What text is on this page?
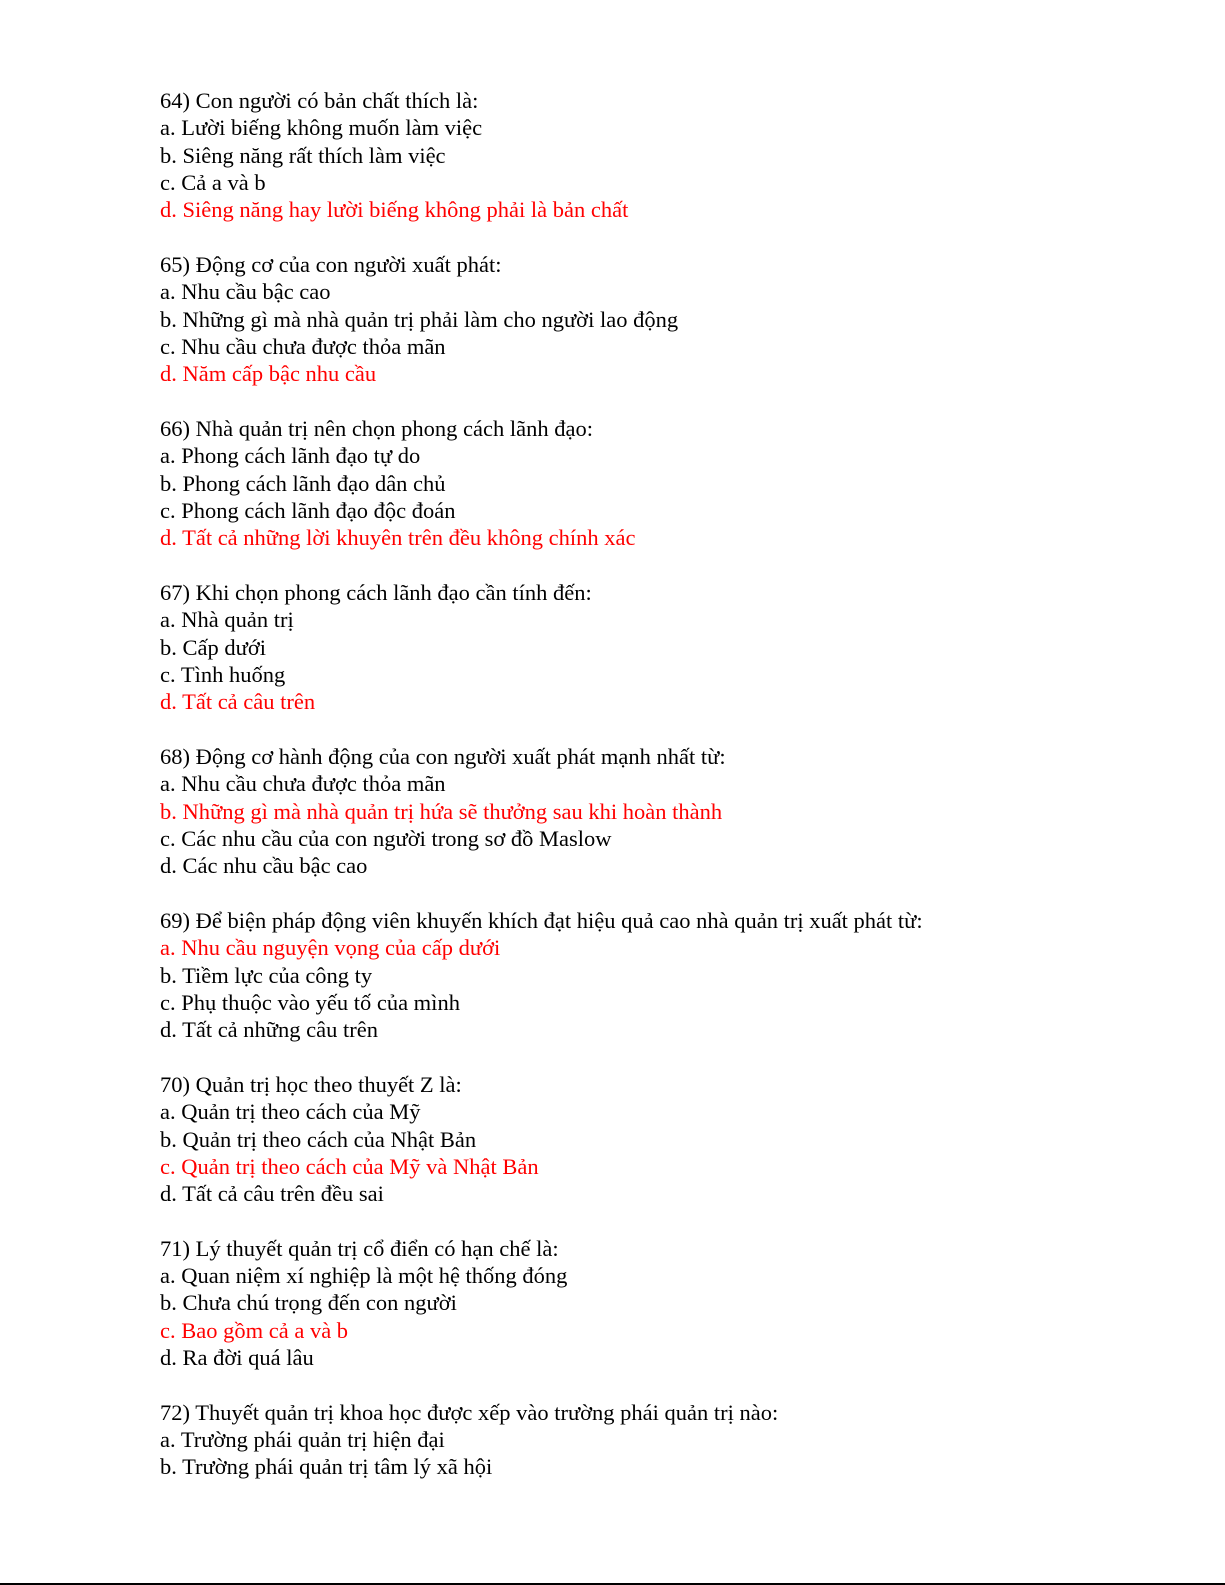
64) Con người có bản chất thích là:
a. Lười biếng không muốn làm việc
b. Siêng năng rất thích làm việc
c. Cả a và b
d. Siêng năng hay lười biếng không phải là bản chất
65) Động cơ của con người xuất phát:
a. Nhu cầu bậc cao
b. Những gì mà nhà quản trị phải làm cho người lao động
c. Nhu cầu chưa được thỏa mãn
d. Năm cấp bậc nhu cầu
66) Nhà quản trị nên chọn phong cách lãnh đạo:
a. Phong cách lãnh đạo tự do
b. Phong cách lãnh đạo dân chủ
c. Phong cách lãnh đạo độc đoán
d. Tất cả những lời khuyên trên đều không chính xác
67) Khi chọn phong cách lãnh đạo cần tính đến:
a. Nhà quản trị
b. Cấp dưới
c. Tình huống
d. Tất cả câu trên
68) Động cơ hành động của con người xuất phát mạnh nhất từ:
a. Nhu cầu chưa được thỏa mãn
b. Những gì mà nhà quản trị hứa sẽ thưởng sau khi hoàn thành
c. Các nhu cầu của con người trong sơ đồ Maslow
d. Các nhu cầu bậc cao
69) Để biện pháp động viên khuyến khích đạt hiệu quả cao nhà quản trị xuất phát từ:
a. Nhu cầu nguyện vọng của cấp dưới
b. Tiềm lực của công ty
c. Phụ thuộc vào yếu tố của mình
d. Tất cả những câu trên
70) Quản trị học theo thuyết Z là:
a. Quản trị theo cách của Mỹ
b. Quản trị theo cách của Nhật Bản
c. Quản trị theo cách của Mỹ và Nhật Bản
d. Tất cả câu trên đều sai
71) Lý thuyết quản trị cổ điển có hạn chế là:
a. Quan niệm xí nghiệp là một hệ thống đóng
b. Chưa chú trọng đến con người
c. Bao gồm cả a và b
d. Ra đời quá lâu
72) Thuyết quản trị khoa học được xếp vào trường phái quản trị nào:
a. Trường phái quản trị hiện đại
b. Trường phái quản trị tâm lý xã hội
